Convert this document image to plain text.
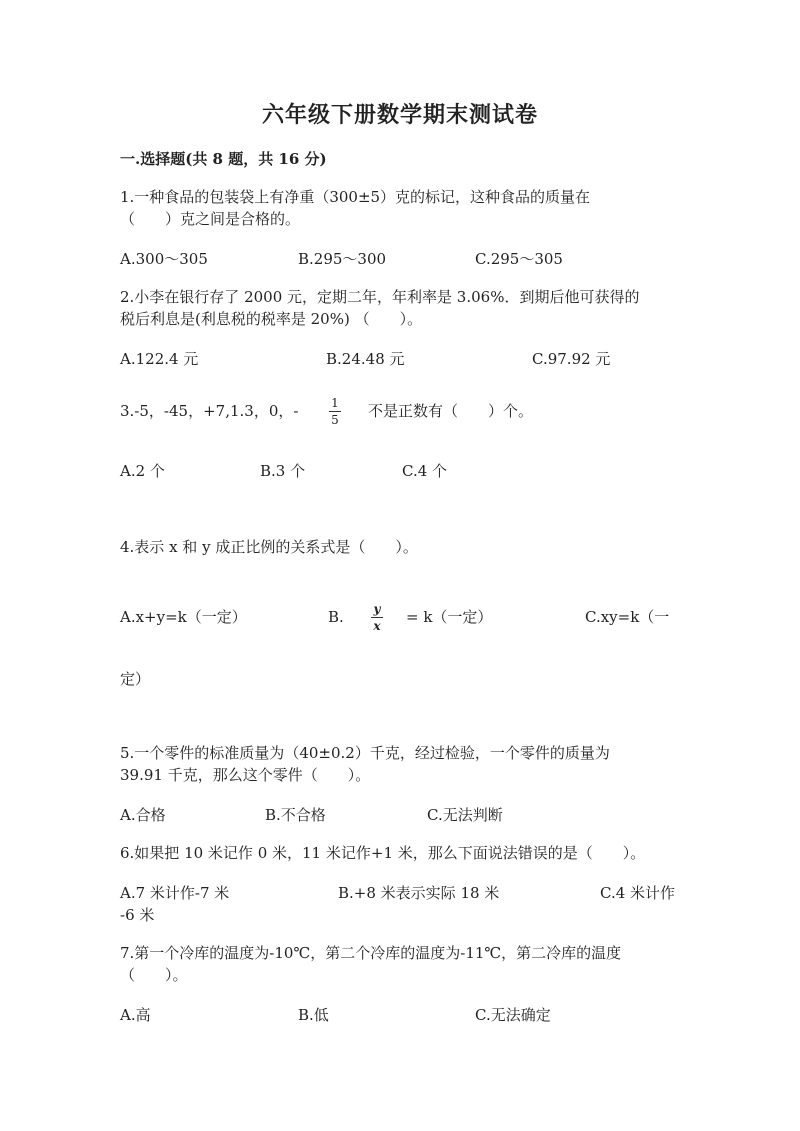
六年级下册数学期末测试卷
一.选择题(共 8 题，共 16 分)
1.一种食品的包装袋上有净重（300±5）克的标记，这种食品的质量在
（　　）克之间是合格的。
A.300～305	B.295～300	C.295～305
2.小李在银行存了 2000 元，定期二年，年利率是 3.06%．到期后他可获得的
税后利息是(利息税的税率是 20%) （　　）。
A.122.4 元	B.24.48 元	C.97.92 元
3.-5，-45，+7,1.3，0，-	1
5 不是正数有（　　）个。
A.2 个	B.3 个	C.4 个
4.表示 x 和 y 成正比例的关系式是（　　）。
A.x+y=k（一定）	B. y
x = k（一定）	C.xy=k（一
定）
5.一个零件的标准质量为（40±0.2）千克，经过检验，一个零件的质量为
39.91 千克，那么这个零件（　　）。
A.合格	B.不合格	C.无法判断
6.如果把 10 米记作 0 米，11 米记作+1 米，那么下面说法错误的是（　　）。
A.7 米计作-7 米	B.+8 米表示实际 18 米	C.4 米计作
-6 米
7.第一个冷库的温度为-10℃，第二个冷库的温度为-11℃，第二冷库的温度
（　　）。
A.高	B.低	C.无法确定
